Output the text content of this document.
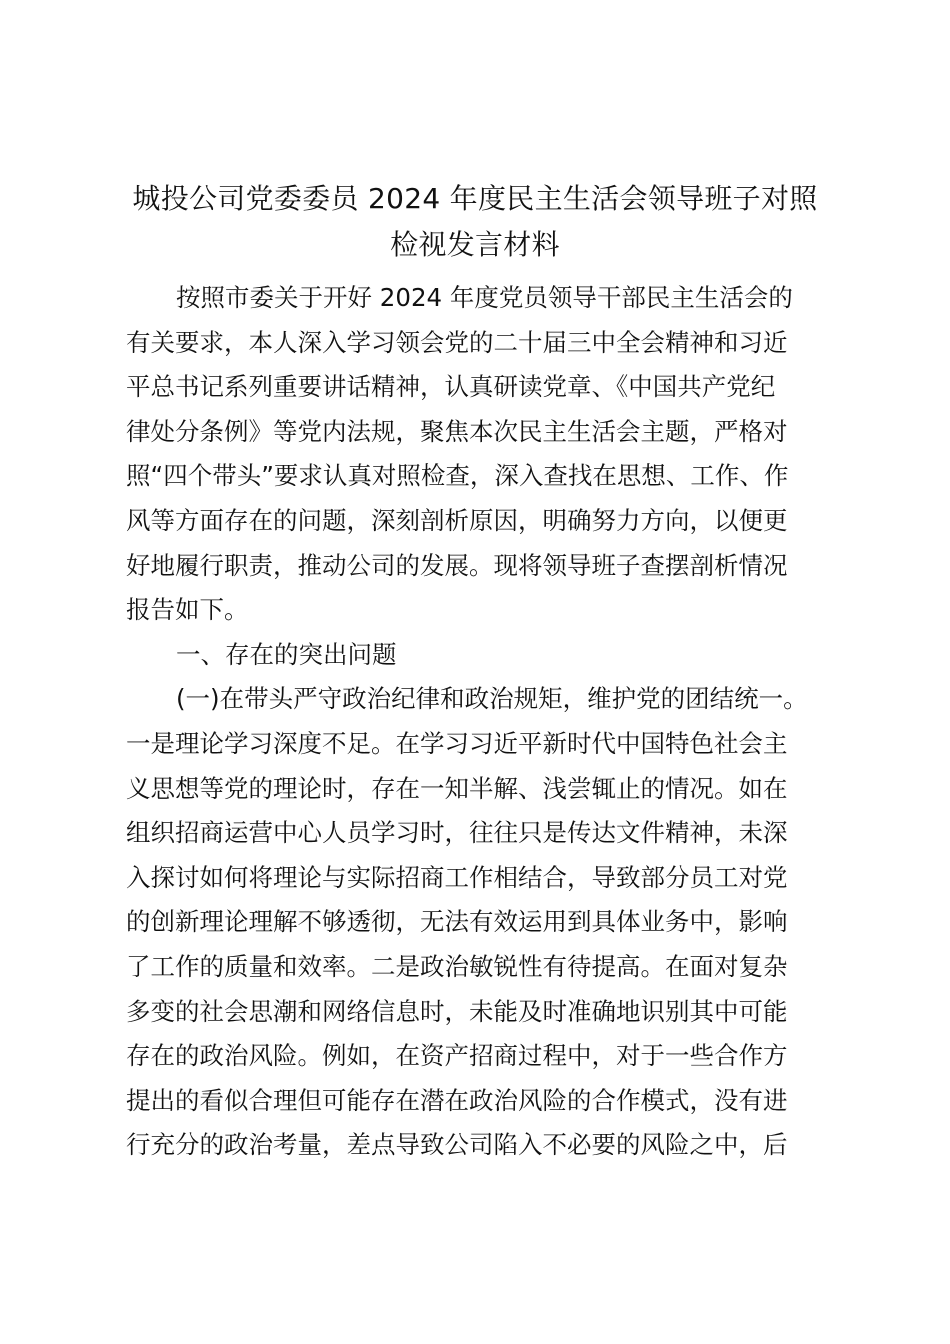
城投公司党委委员 2024 年度民主生活会领导班子对照
检视发言材料
按照市委关于开好 2024 年度党员领导干部民主生活会的
有关要求，本人深入学习领会党的二十届三中全会精神和习近
平总书记系列重要讲话精神，认真研读党章、《中国共产党纪
律处分条例》等党内法规，聚焦本次民主生活会主题，严格对
照“四个带头”要求认真对照检查，深入查找在思想、工作、作
风等方面存在的问题，深刻剖析原因，明确努力方向，以便更
好地履行职责，推动公司的发展。现将领导班子查摆剖析情况
报告如下。
一、存在的突出问题
(一)在带头严守政治纪律和政治规矩，维护党的团结统一。
一是理论学习深度不足。在学习习近平新时代中国特色社会主
义思想等党的理论时，存在一知半解、浅尝辄止的情况。如在
组织招商运营中心人员学习时，往往只是传达文件精神，未深
入探讨如何将理论与实际招商工作相结合，导致部分员工对党
的创新理论理解不够透彻，无法有效运用到具体业务中，影响
了工作的质量和效率。二是政治敏锐性有待提高。在面对复杂
多变的社会思潮和网络信息时，未能及时准确地识别其中可能
存在的政治风险。例如，在资产招商过程中，对于一些合作方
提出的看似合理但可能存在潜在政治风险的合作模式，没有进
行充分的政治考量，差点导致公司陷入不必要的风险之中，后
